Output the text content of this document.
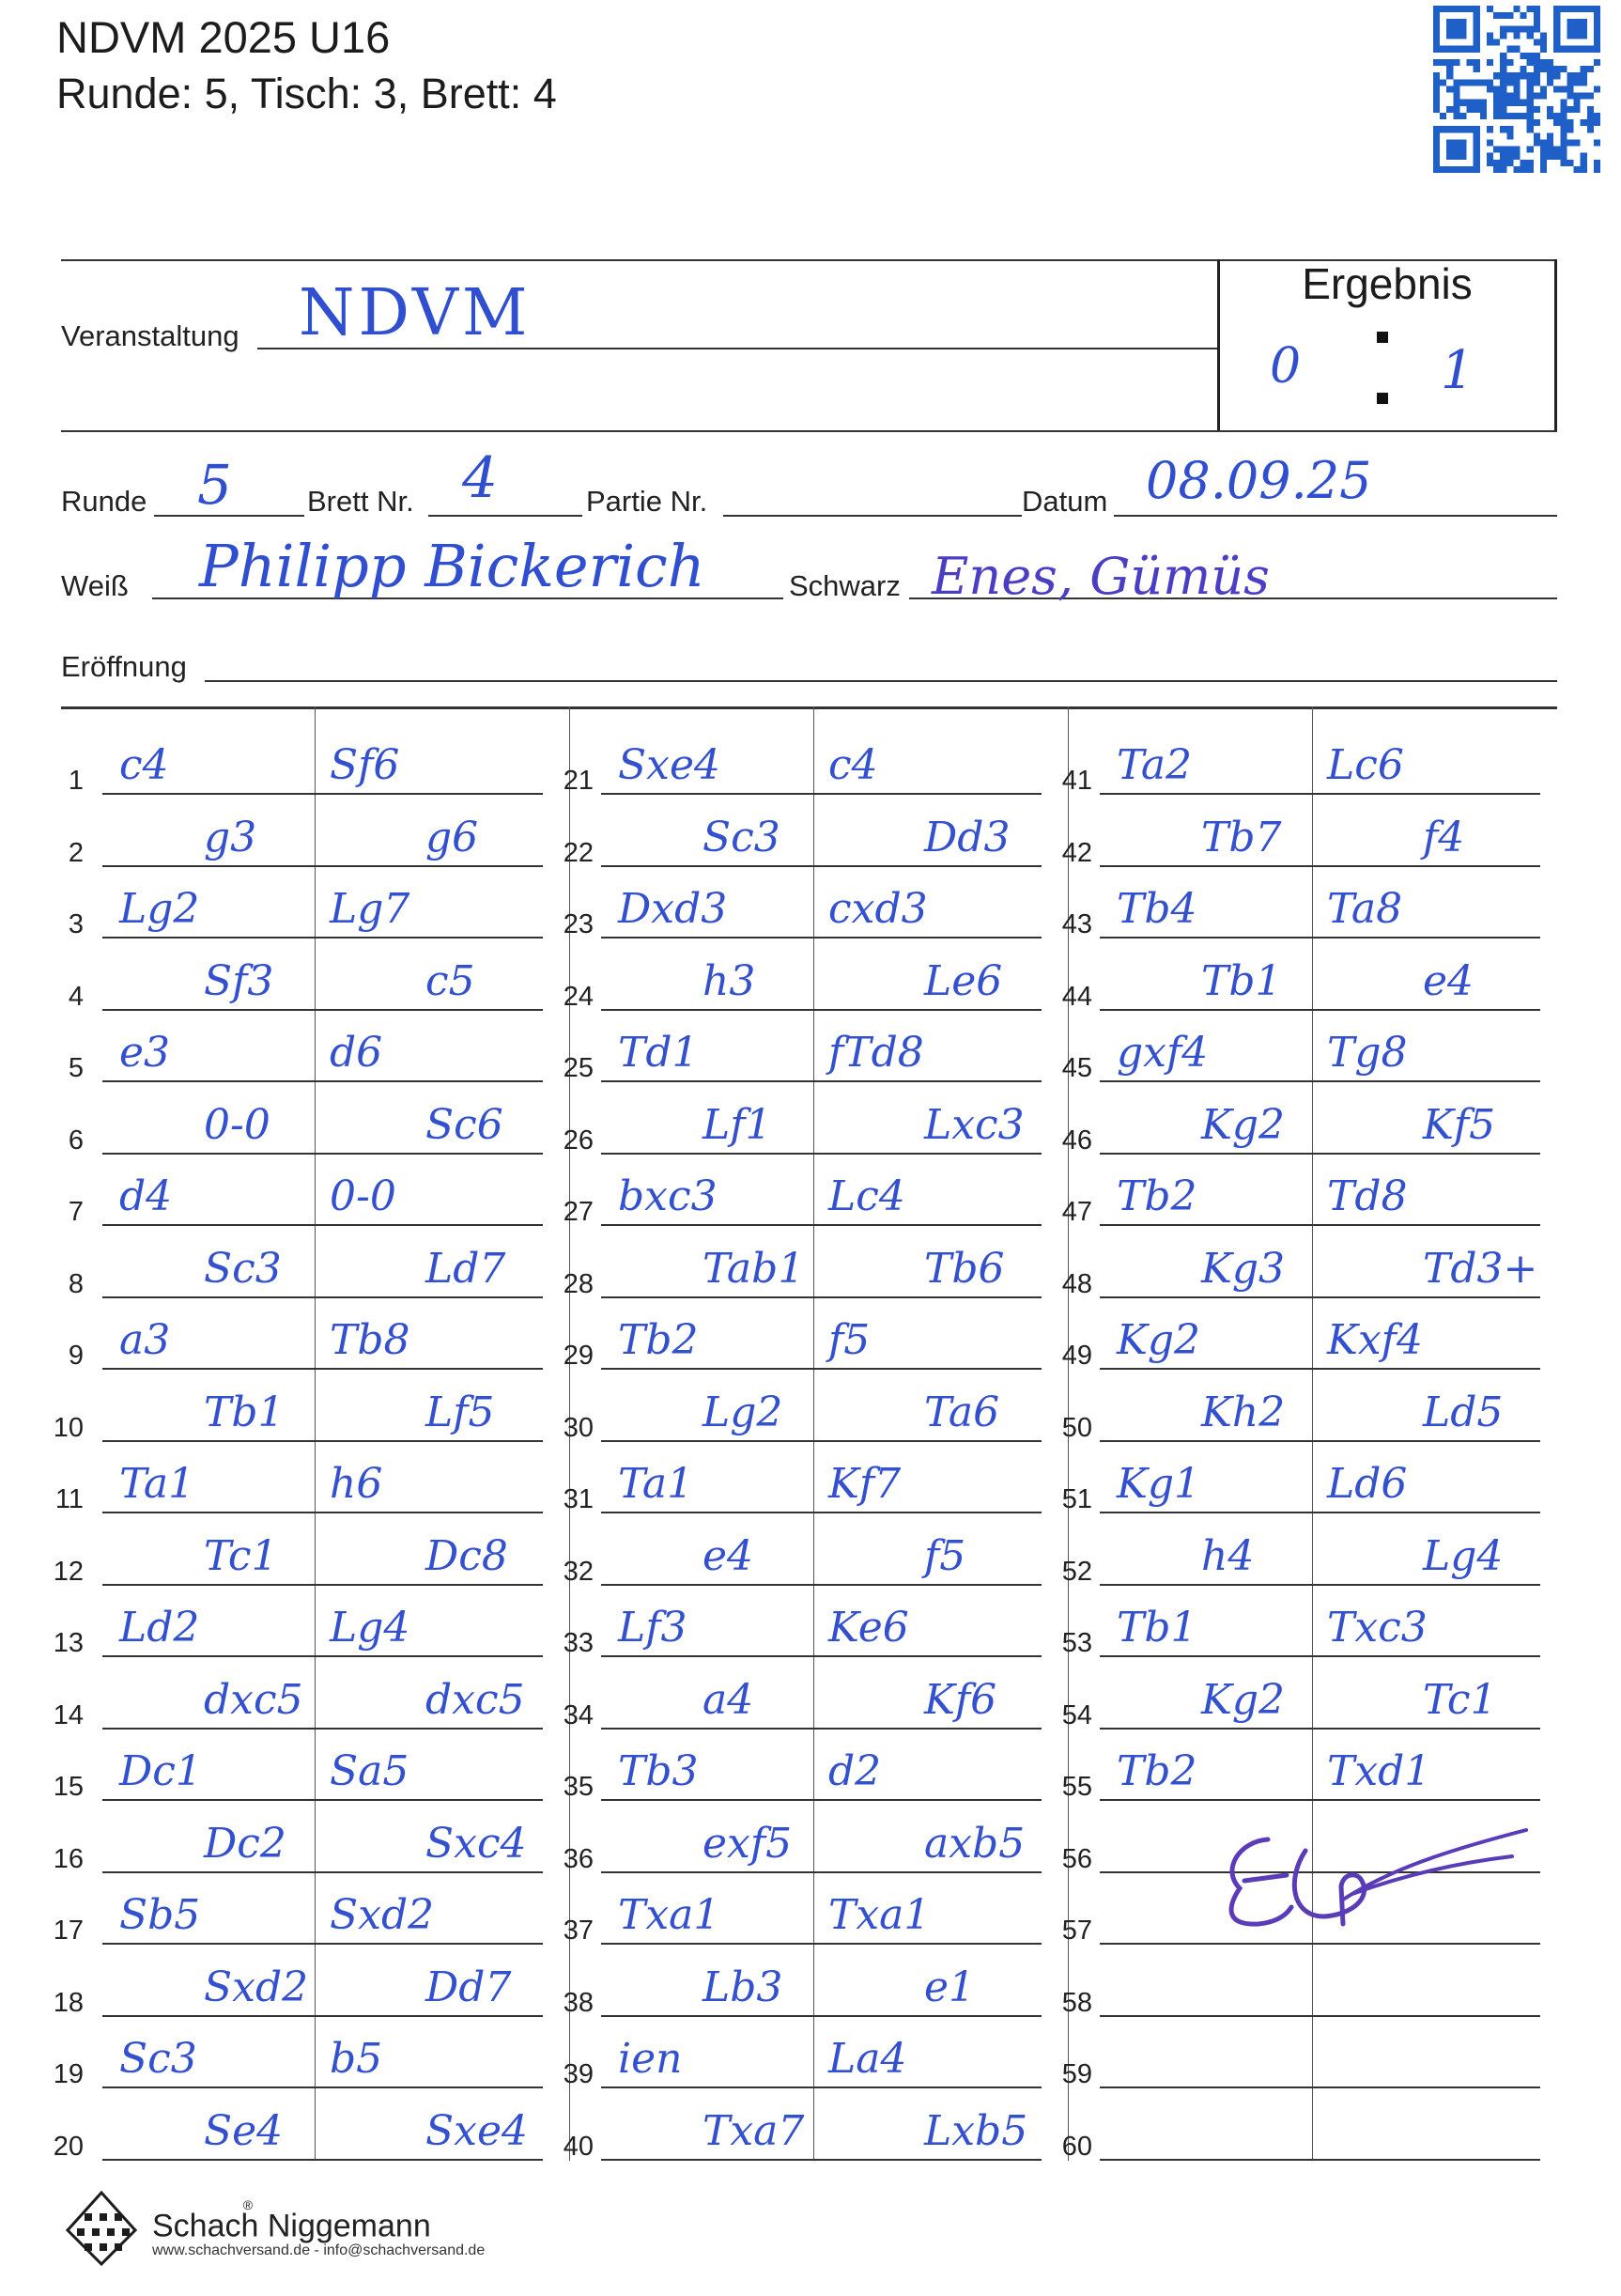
NDVM 2025 U16
Runde: 5, Tisch: 3, Brett: 4
Ergebnis
0	1
Veranstaltung NDVM
Runde 5	Brett Nr. 4	Partie Nr.	Datum 08.09.25
Weiß Philipp Bickerich	Schwarz Enes, Gümüs
Eröffnung
1 c4	Sf6
2	g3	g6
3 Lg2	Lg7
4	Sf3	c5
5 e3	d6
6	0-0	Sc6
7 d4	0-0
8	Sc3	Ld7
9 a3	Tb8
10	Tb1	Lf5
11 Ta1	h6
12	Tc1	Dc8
13 Ld2	Lg4
14	dxc5	dxc5
15 Dc1	Sa5
16	Dc2	Sxc4
17 Sb5	Sxd2
18	Sxd2	Dd7
19 Sc3	b5
20	Se4	Sxe4
21 Sxe4	c4
22	Sc3	Dd3
23 Dxd3 cxd3
24	h3	Le6
25 Td1	fTd8
26	Lf1	Lxc3
27 bxc3	Lc4
28	Tab1	Tb6
29 Tb2	f5
30	Lg2	Ta6
31 Ta1	Kf7
32	e4	f5
33 Lf3	Ke6
34	a4	Kf6
35 Tb3	d2
36	exf5	axb5
37 Txa1	Txa1
38	Lb3	e1
39 ien	La4
40	Txa7	Lxb5
41 Ta2	Lc6
42	Tb7	f4
43 Tb4	Ta8
44	Tb1	e4
45 gxf4	Tg8
46	Kg2	Kf5
47 Tb2	Td8
48	Kg3	Td3+
49 Kg2	Kxf4
50	Kh2	Ld5
51 Kg1	Ld6
52	h4	Lg4
53 Tb1	Txc3
54	Kg2	Tc1
55 Tb2	Txd1
56
57
58
59
60
Schach Niggemann®
www.schachversand.de - info@schachversand.de
